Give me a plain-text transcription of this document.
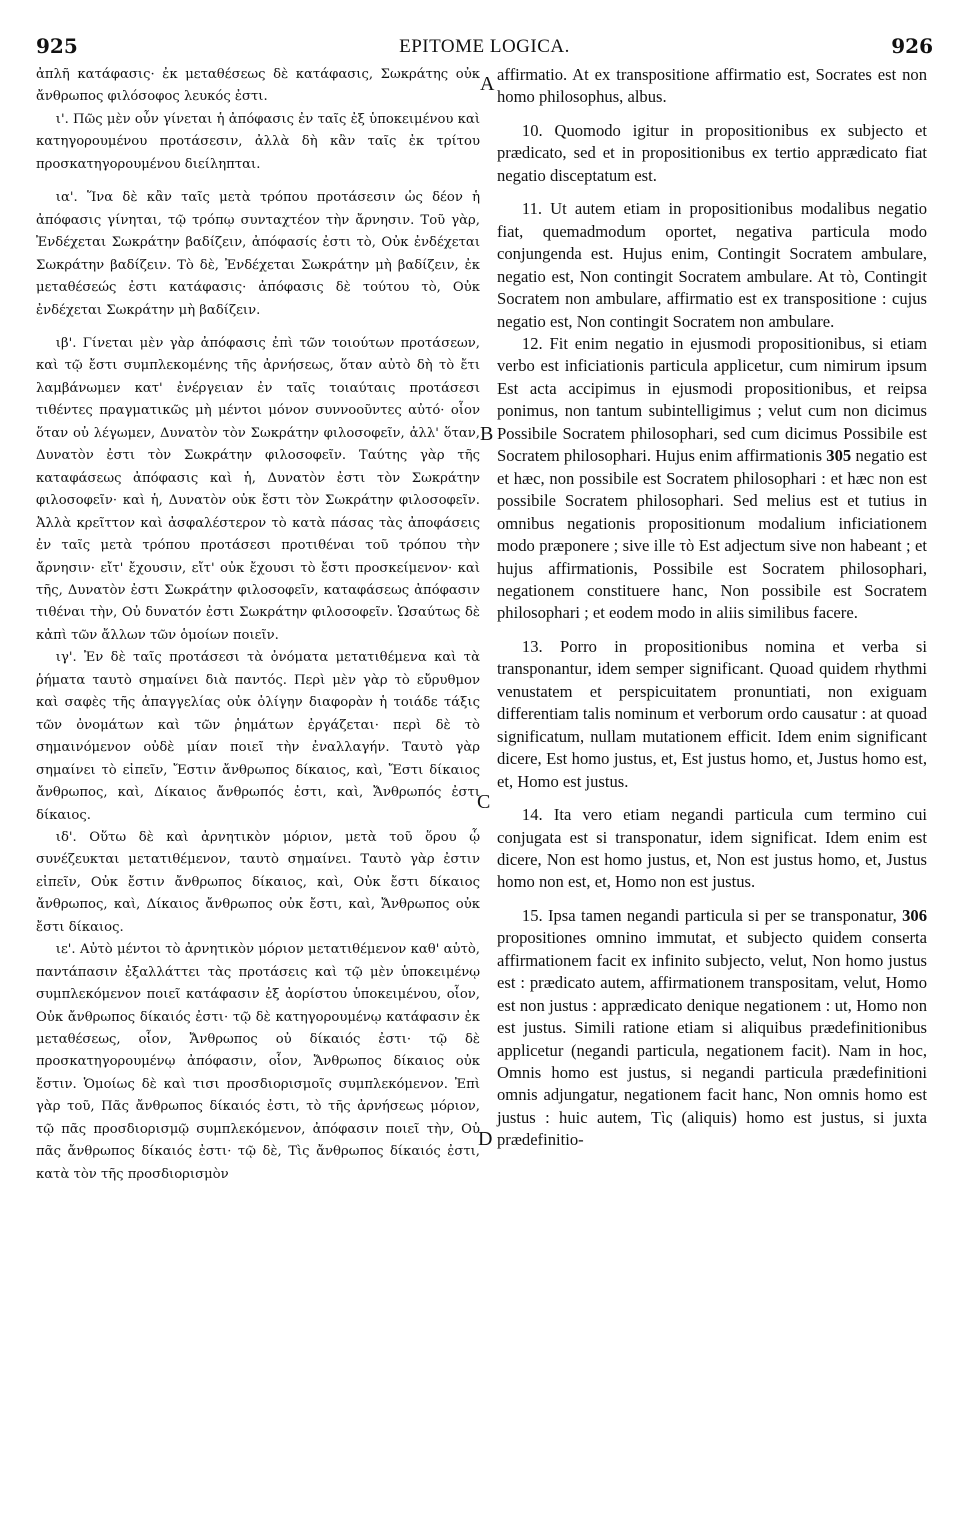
925	EPITOME LOGICA.	926

ἀπλῆ κατάφασις· ἐκ μεταθέσεως δὲ κατάφασις, Σωκράτης οὐκ ἄνθρωπος φιλόσοφος λευκός ἐστι.

ι'. Πῶς μὲν οὖν γίνεται ἡ ἀπόφασις ἐν ταῖς ἐξ ὑποκειμένου καὶ κατηγορουμένου προτάσεσιν, ἀλλὰ δὴ κἂν ταῖς ἐκ τρίτου προσκατηγορουμένου διείληπται.

ια'. Ἵνα δὲ κἂν ταῖς μετὰ τρόπου προτάσεσιν ὡς δέον ἡ ἀπόφασις γίνηται, τῷ τρόπῳ συνταχτέον τὴν ἄρνησιν. Τοῦ γὰρ, Ἐνδέχεται Σωκράτην βαδίζειν, ἀπόφασίς ἐστι τὸ, Οὐκ ἐνδέχεται Σωκράτην βαδίζειν. Τὸ δὲ, Ἐνδέχεται Σωκράτην μὴ βαδίζειν, ἐκ μεταθέσεώς ἐστι κατάφασις· ἀπόφασις δὲ τούτου τὸ, Οὐκ ἐνδέχεται Σωκράτην μὴ βαδίζειν.

ιβ'. Γίνεται μὲν γὰρ ἀπόφασις ἐπὶ τῶν τοιούτων προτάσεων, καὶ τῷ ἔστι συμπλεκομένης τῆς ἀρνήσεως, ὅταν αὐτὸ δὴ τὸ ἔτι λαμβάνωμεν κατ' ἐνέργειαν ἐν ταῖς τοιαύταις προτάσεσι τιθέντες πραγματικῶς μὴ μέντοι μόνον συννοοῦντες αὐτό· οἷον ὅταν οὐ λέγωμεν, Δυνατὸν τὸν Σωκράτην φιλοσοφεῖν, ἀλλ' ὅταν, Δυνατὸν ἐστι τὸν Σωκράτην φιλοσοφεῖν. Ταύτης γὰρ τῆς καταφάσεως ἀπόφασις καὶ ἡ, Δυνατὸν ἐστι τὸν Σωκράτην φιλοσοφεῖν· καὶ ἡ, Δυνατὸν οὐκ ἔστι τὸν Σωκράτην φιλοσοφεῖν. Ἀλλὰ κρεῖττον καὶ ἀσφαλέστερον τὸ κατὰ πάσας τὰς ἀποφάσεις ἐν ταῖς μετὰ τρόπου προτάσεσι προτιθέναι τοῦ τρόπου τὴν ἄρνησιν· εἴτ' ἔχουσιν, εἴτ' οὐκ ἔχουσι τὸ ἔστι προσκείμενον· καὶ τῆς, Δυνατὸν ἐστι Σωκράτην φιλοσοφεῖν, καταφάσεως ἀπόφασιν τιθέναι τὴν, Οὐ δυνατόν ἐστι Σωκράτην φιλοσοφεῖν. Ὡσαύτως δὲ κἀπὶ τῶν ἄλλων τῶν ὁμοίων ποιεῖν.

ιγ'. Ἐν δὲ ταῖς προτάσεσι τὰ ὀνόματα μετατιθέμενα καὶ τὰ ῥήματα ταυτὸ σημαίνει διὰ παντός. Περὶ μὲν γὰρ τὸ εὔρυθμον καὶ σαφὲς τῆς ἀπαγγελίας οὐκ ὀλίγην διαφορὰν ἡ τοιάδε τάξις τῶν ὀνομάτων καὶ τῶν ῥημάτων ἐργάζεται· περὶ δὲ τὸ σημαινόμενον οὐδὲ μίαν ποιεῖ τὴν ἐναλλαγήν. Ταυτὸ γὰρ σημαίνει τὸ εἰπεῖν, Ἔστιν ἄνθρωπος δίκαιος, καὶ, Ἔστι δίκαιος ἄνθρωπος, καὶ, Δίκαιος ἄνθρωπός ἐστι, καὶ, Ἄνθρωπός ἐστι δίκαιος.

ιδ'. Οὕτω δὲ καὶ ἀρνητικὸν μόριον, μετὰ τοῦ ὅρου ᾧ συνέζευκται μετατιθέμενον, ταυτὸ σημαίνει. Ταυτὸ γὰρ ἐστιν εἰπεῖν, Οὐκ ἔστιν ἄνθρωπος δίκαιος, καὶ, Οὐκ ἔστι δίκαιος ἄνθρωπος, καὶ, Δίκαιος ἄνθρωπος οὐκ ἔστι, καὶ, Ἄνθρωπος οὐκ ἔστι δίκαιος.

ιε'. Αὐτὸ μέντοι τὸ ἀρνητικὸν μόριον μετατιθέμενον καθ' αὑτὸ, παντάπασιν ἐξαλλάττει τὰς προτάσεις καὶ τῷ μὲν ὑποκειμένῳ συμπλεκόμενον ποιεῖ κατάφασιν ἐξ ἀορίστου ὑποκειμένου, οἷον, Οὐκ ἄνθρωπος δίκαιός ἐστι· τῷ δὲ κατηγορουμένῳ κατάφασιν ἐκ μεταθέσεως, οἷον, Ἄνθρωπος οὐ δίκαιός ἐστι· τῷ δὲ προσκατηγορουμένῳ ἀπόφασιν, οἷον, Ἄνθρωπος δίκαιος οὐκ ἔστιν. Ὁμοίως δὲ καὶ τισι προσδιορισμοῖς συμπλεκόμενον. Ἐπὶ γὰρ τοῦ, Πᾶς ἄνθρωπος δίκαιός ἐστι, τὸ τῆς ἀρνήσεως μόριον, τῷ πᾶς προσδιορισμῷ συμπλεκόμενον, ἀπόφασιν ποιεῖ τὴν, Οὐ πᾶς ἄνθρωπος δίκαιός ἐστι· τῷ δὲ, Τὶς ἄνθρωπος δίκαιός ἐστι, κατὰ τὸν τῆς προσδιορισμὸν

A
B
C
D

affirmatio. At ex transpositione affirmatio est, Socrates est non homo philosophus, albus.

10. Quomodo igitur in propositionibus ex subjecto et prædicato, sed et in propositionibus ex tertio apprædicato fiat negatio disceptatum est.

11. Ut autem etiam in propositionibus modalibus negatio fiat, quemadmodum oportet, negativa particula modo conjungenda est. Hujus enim, Contingit Socratem ambulare, negatio est, Non contingit Socratem ambulare. At τὸ, Contingit Socratem non ambulare, affirmatio est ex transpositione : cujus negatio est, Non contingit Socratem non ambulare.

12. Fit enim negatio in ejusmodi propositionibus, si etiam verbo est inficiationis particula applicetur, cum nimirum ipsum Est acta accipimus in ejusmodi propositionibus, et reipsa ponimus, non tantum subintelligimus ; velut cum non dicimus Possibile Socratem philosophari, sed cum dicimus Possibile est Socratem philosophari. Hujus enim affirmationis 305 negatio est et hæc, non possibile est Socratem philosophari : et hæc non est possibile Socratem philosophari. Sed melius est et tutius in omnibus negationis propositionum modalium inficiationem modo præponere ; sive ille τὸ Est adjectum sive non habeant ; et hujus affirmationis, Possibile est Socratem philosophari, negationem constituere hanc, Non possibile est Socratem philosophari ; et eodem modo in aliis similibus facere.

13. Porro in propositionibus nomina et verba si transponantur, idem semper significant. Quoad quidem rhythmi venustatem et perspicuitatem pronuntiati, non exiguam differentiam talis nominum et verborum ordo causatur : at quoad significatum, nullam mutationem efficit. Idem enim significant dicere, Est homo justus, et, Est justus homo, et, Justus homo est, et, Homo est justus.

14. Ita vero etiam negandi particula cum termino cui conjugata est si transponatur, idem significat. Idem enim est dicere, Non est homo justus, et, Non est justus homo, et, Justus homo non est, et, Homo non est justus.

15. Ipsa tamen negandi particula si per se transponatur, 306 propositiones omnino immutat, et subjecto quidem conserta affirmationem facit ex infinito subjecto, velut, Non homo justus est : prædicato autem, affirmationem transpositam, velut, Homo est non justus : apprædicato denique negationem : ut, Homo non est justus. Simili ratione etiam si aliquibus prædefinitionibus applicetur (negandi particula, negationem facit). Nam in hoc, Omnis homo est justus, si negandi particula prædefinitioni omnis adjungatur, negationem facit hanc, Non omnis homo est justus : huic autem, Τὶς (aliquis) homo est justus, si juxta prædefinitio-
